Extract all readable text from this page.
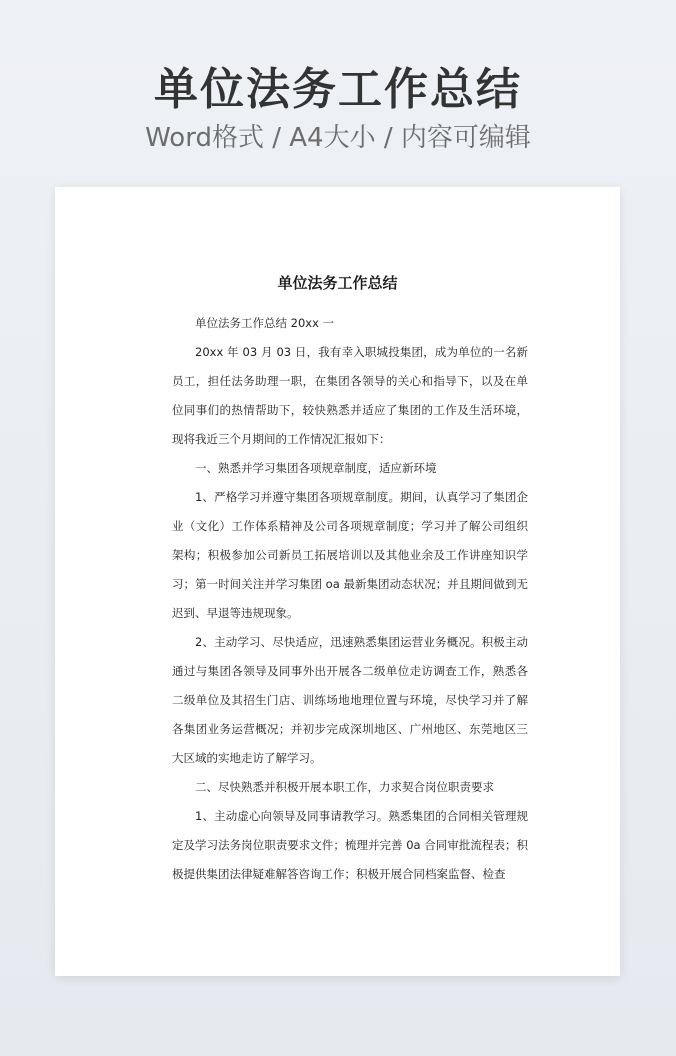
单位法务工作总结
Word格式 / A4大小 / 内容可编辑
单位法务工作总结

单位法务工作总结 20xx 一

20xx 年 03 月 03 日，我有幸入职城投集团，成为单位的一名新员工，担任法务助理一职，在集团各领导的关心和指导下，以及在单位同事们的热情帮助下，较快熟悉并适应了集团的工作及生活环境，现将我近三个月期间的工作情况汇报如下：

一、熟悉并学习集团各项规章制度，适应新环境

1、严格学习并遵守集团各项规章制度。期间，认真学习了集团企业（文化）工作体系精神及公司各项规章制度；学习并了解公司组织架构；积极参加公司新员工拓展培训以及其他业余及工作讲座知识学习；第一时间关注并学习集团 oa 最新集团动态状况；并且期间做到无迟到、早退等违规现象。

2、主动学习、尽快适应，迅速熟悉集团运营业务概况。积极主动通过与集团各领导及同事外出开展各二级单位走访调查工作，熟悉各二级单位及其招生门店、训练场地地理位置与环境，尽快学习并了解各集团业务运营概况；并初步完成深圳地区、广州地区、东莞地区三大区域的实地走访了解学习。

二、尽快熟悉并积极开展本职工作，力求契合岗位职责要求

1、主动虚心向领导及同事请教学习。熟悉集团的合同相关管理规定及学习法务岗位职责要求文件；梳理并完善 0a 合同审批流程表；积极提供集团法律疑难解答咨询工作；积极开展合同档案监督、检查
